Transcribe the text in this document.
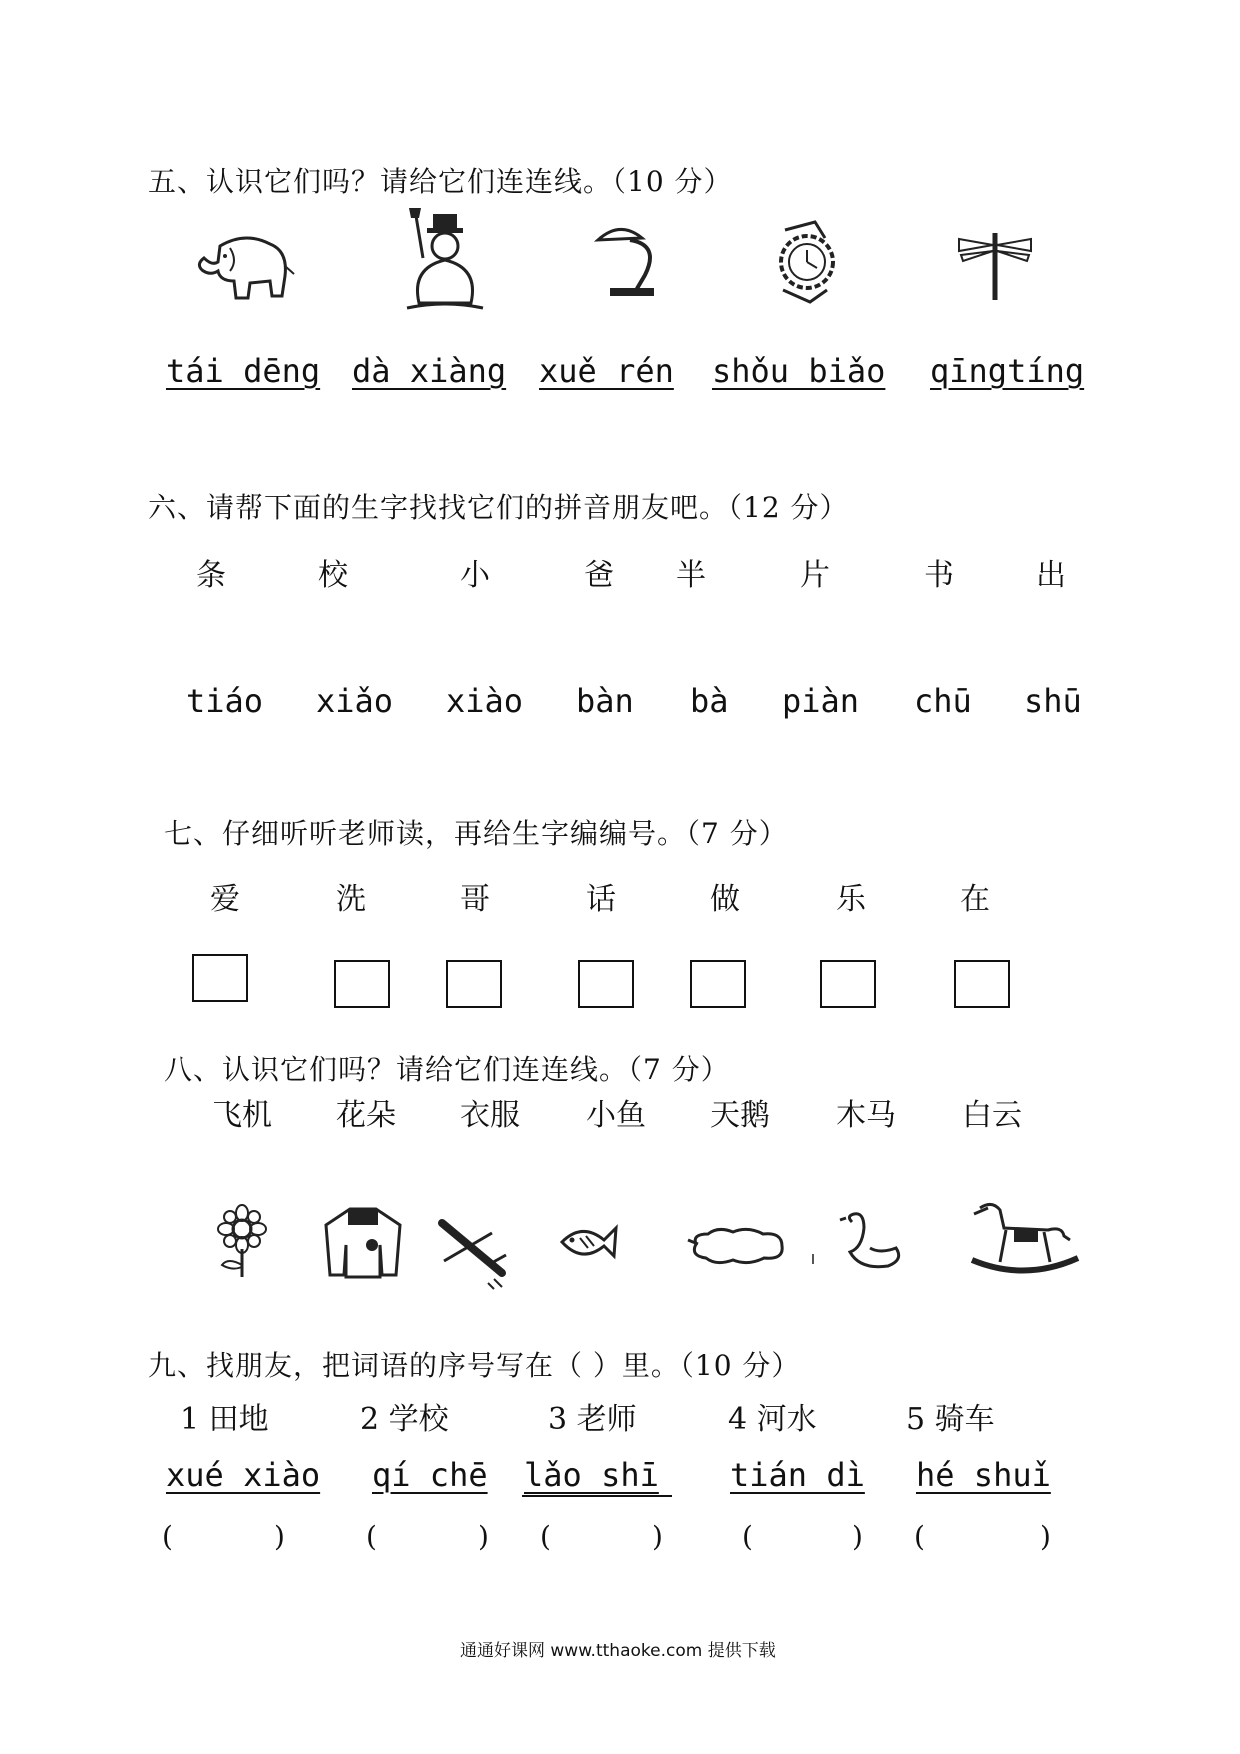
五、认识它们吗？请给它们连连线。（10 分）
tái dēng dà xiàng xuě rén shǒu biǎo qīngtíng
六、请帮下面的生字找找它们的拼音朋友吧。（12 分）
条	校	小	爸 半	片	书	出
tiáo xiǎo xiào bàn bà piàn chū shū
七、仔细听听老师读，再给生字编编号。（7 分）
爱	洗	哥	话	做	乐	在
八、认识它们吗？请给它们连连线。（7 分）
飞机 花朵 衣服 小鱼 天鹅 木马 白云
九、找朋友，把词语的序号写在（ ）里。（10 分）
1 田地	2 学校	3 老师	4 河水	5 骑车
xué xiào qí chē lǎo shī tián dì hé shuǐ
(	)	(	) (	)	(	) (	)
通通好课网 www.tthaoke.com 提供下载
